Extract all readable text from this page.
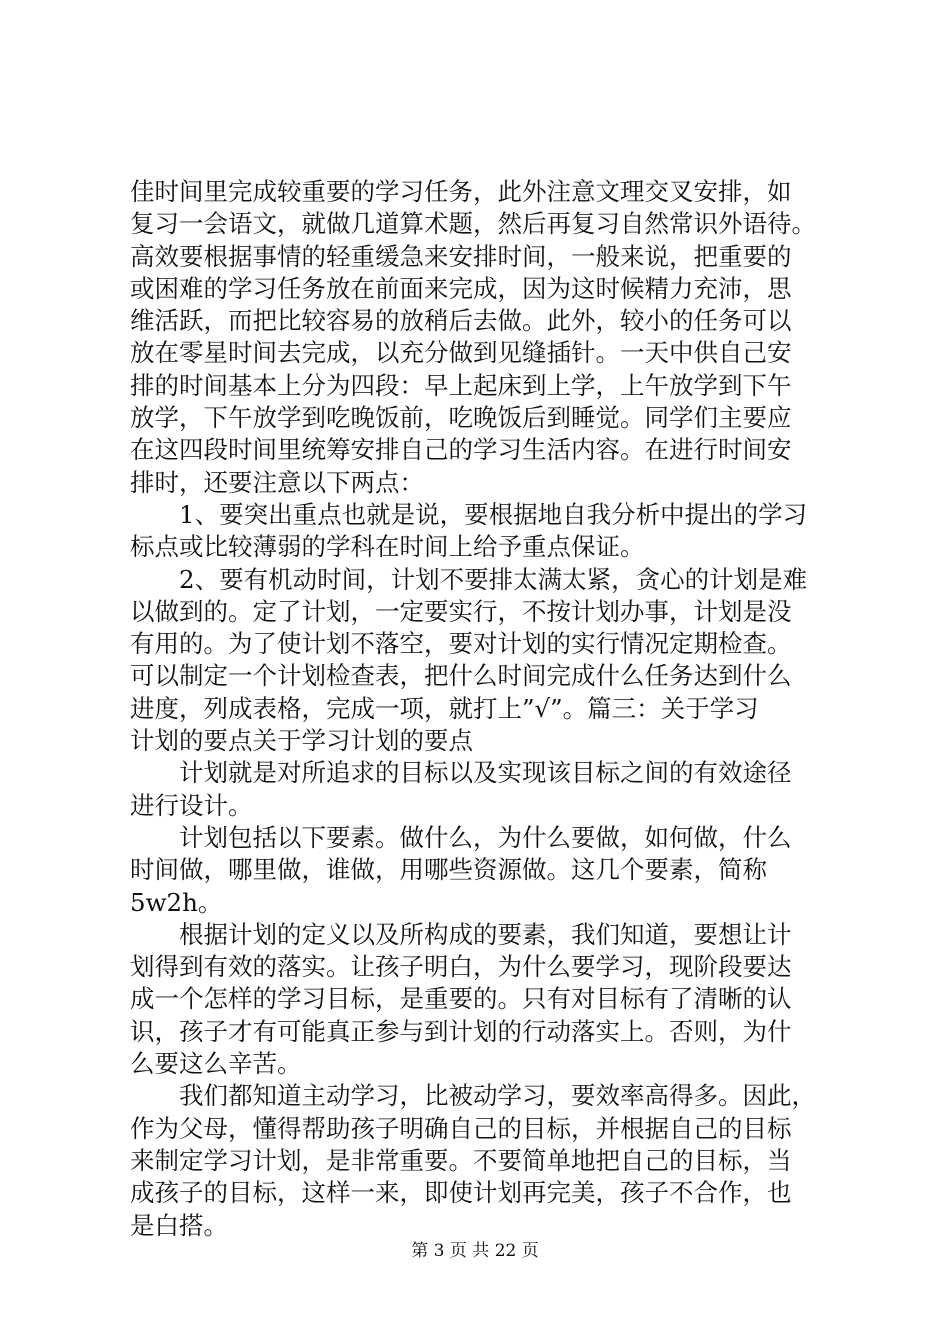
佳时间里完成较重要的学习任务，此外注意文理交叉安排，如
复习一会语文，就做几道算术题，然后再复习自然常识外语待。
高效要根据事情的轻重缓急来安排时间，一般来说，把重要的
或困难的学习任务放在前面来完成，因为这时候精力充沛，思
维活跃，而把比较容易的放稍后去做。此外，较小的任务可以
放在零星时间去完成，以充分做到见缝插针。一天中供自己安
排的时间基本上分为四段：早上起床到上学，上午放学到下午
放学，下午放学到吃晚饭前，吃晚饭后到睡觉。同学们主要应
在这四段时间里统筹安排自己的学习生活内容。在进行时间安
排时，还要注意以下两点：
　　1、要突出重点也就是说，要根据地自我分析中提出的学习
标点或比较薄弱的学科在时间上给予重点保证。
　　2、要有机动时间，计划不要排太满太紧，贪心的计划是难
以做到的。定了计划，一定要实行，不按计划办事，计划是没
有用的。为了使计划不落空，要对计划的实行情况定期检查。
可以制定一个计划检查表，把什么时间完成什么任务达到什么
进度，列成表格，完成一项，就打上”√”。篇三：关于学习
计划的要点关于学习计划的要点
　　计划就是对所追求的目标以及实现该目标之间的有效途径
进行设计。
　　计划包括以下要素。做什么，为什么要做，如何做，什么
时间做，哪里做，谁做，用哪些资源做。这几个要素，简称
5w2h。
　　根据计划的定义以及所构成的要素，我们知道，要想让计
划得到有效的落实。让孩子明白，为什么要学习，现阶段要达
成一个怎样的学习目标，是重要的。只有对目标有了清晰的认
识，孩子才有可能真正参与到计划的行动落实上。否则，为什
么要这么辛苦。
　　我们都知道主动学习，比被动学习，要效率高得多。因此，
作为父母，懂得帮助孩子明确自己的目标，并根据自己的目标
来制定学习计划，是非常重要。不要简单地把自己的目标，当
成孩子的目标，这样一来，即使计划再完美，孩子不合作，也
是白搭。
第 3 页 共 22 页
